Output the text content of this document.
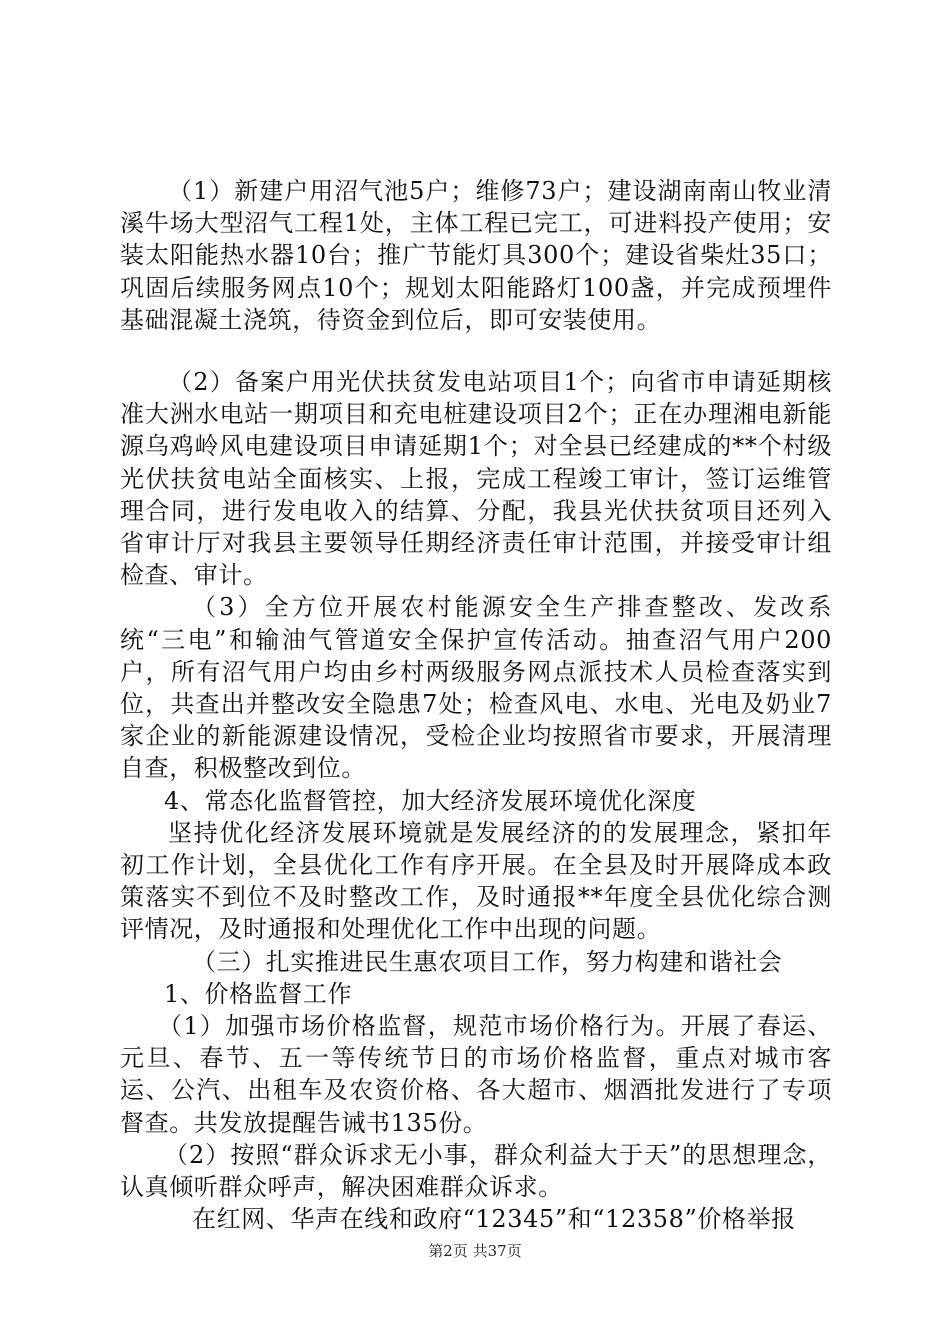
（1）新建户用沼气池5户；维修73户；建设湖南南山牧业清溪牛场大型沼气工程1处，主体工程已完工，可进料投产使用；安装太阳能热水器10台；推广节能灯具300个；建设省柴灶35口；巩固后续服务网点10个；规划太阳能路灯100盏，并完成预埋件基础混凝土浇筑，待资金到位后，即可安装使用。

（2）备案户用光伏扶贫发电站项目1个；向省市申请延期核准大洲水电站一期项目和充电桩建设项目2个；正在办理湘电新能源乌鸡岭风电建设项目申请延期1个；对全县已经建成的**个村级光伏扶贫电站全面核实、上报，完成工程竣工审计，签订运维管理合同，进行发电收入的结算、分配，我县光伏扶贫项目还列入省审计厅对我县主要领导任期经济责任审计范围，并接受审计组检查、审计。

（3）全方位开展农村能源安全生产排查整改、发改系统“三电”和输油气管道安全保护宣传活动。抽查沼气用户200户，所有沼气用户均由乡村两级服务网点派技术人员检查落实到位，共查出并整改安全隐患7处；检查风电、水电、光电及奶业7家企业的新能源建设情况，受检企业均按照省市要求，开展清理自查，积极整改到位。

4、常态化监督管控，加大经济发展环境优化深度

坚持优化经济发展环境就是发展经济的的发展理念，紧扣年初工作计划，全县优化工作有序开展。在全县及时开展降成本政策落实不到位不及时整改工作，及时通报**年度全县优化综合测评情况，及时通报和处理优化工作中出现的问题。

（三）扎实推进民生惠农项目工作，努力构建和谐社会

1、价格监督工作

（1）加强市场价格监督，规范市场价格行为。开展了春运、元旦、春节、五一等传统节日的市场价格监督，重点对城市客运、公汽、出租车及农资价格、各大超市、烟酒批发进行了专项督查。共发放提醒告诫书135份。

（2）按照“群众诉求无小事，群众利益大于天”的思想理念，认真倾听群众呼声，解决困难群众诉求。

在红网、华声在线和政府“12345”和“12358”价格举报

第2页 共37页
